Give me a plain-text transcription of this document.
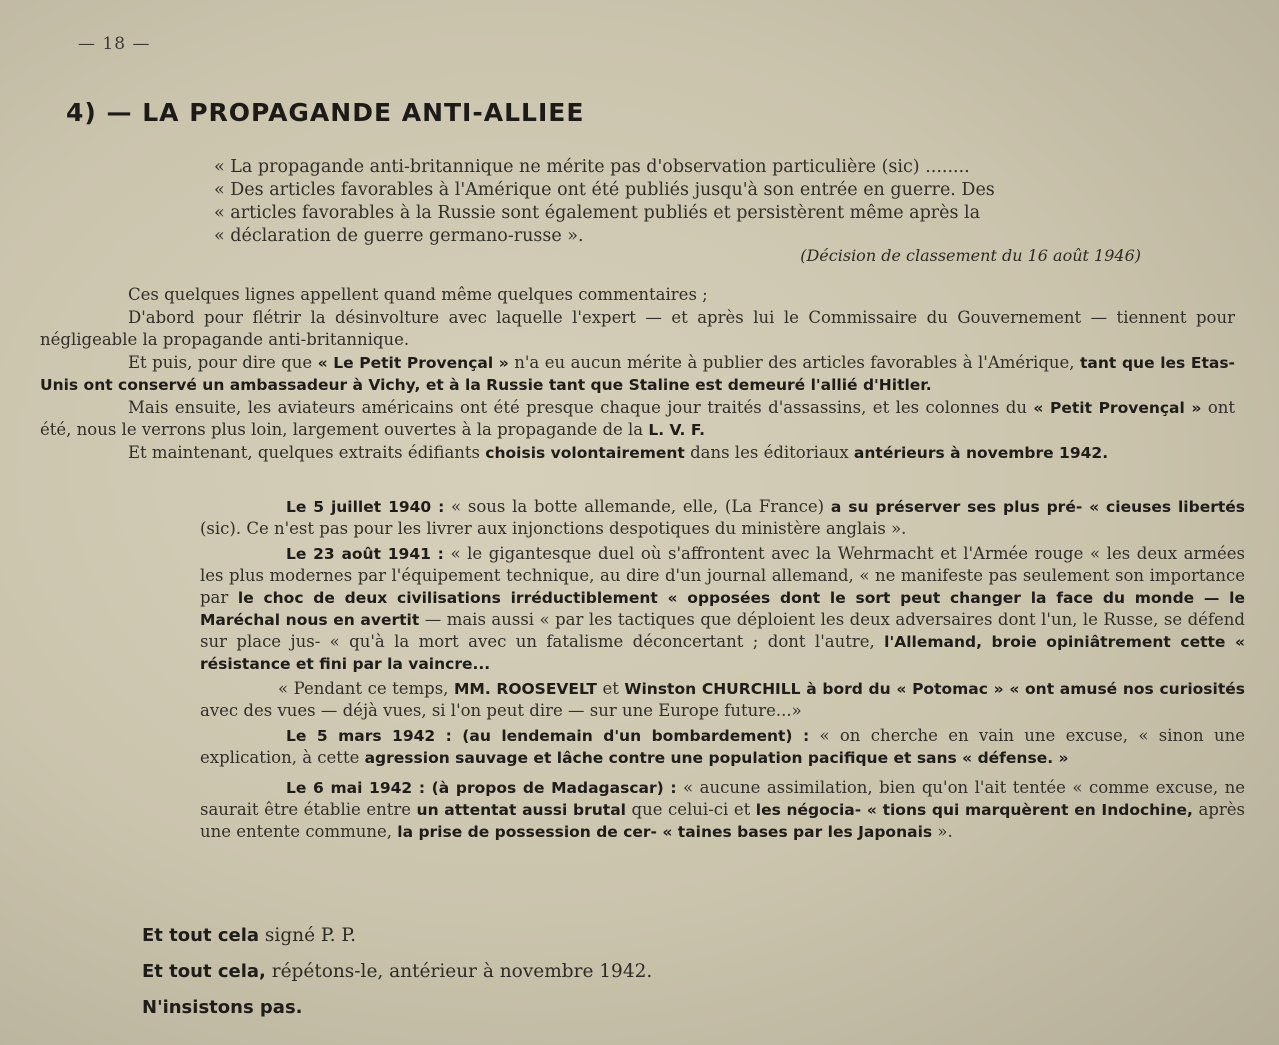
— 18 —
4) — LA PROPAGANDE ANTI-ALLIEE

« La propagande anti-britannique ne mérite pas d'observation particulière (sic) ........

« Des articles favorables à l'Amérique ont été publiés jusqu'à son entrée en guerre. Des

« articles favorables à la Russie sont également publiés et persistèrent même après la

« déclaration de guerre germano-russe ».

(Décision de classement du 16 août 1946)

Ces quelques lignes appellent quand même quelques commentaires ;

D'abord pour flétrir la désinvolture avec laquelle l'expert — et après lui le Commissaire du Gouvernement — tiennent pour négligeable la propagande anti-britannique.

Et puis, pour dire que « Le Petit Provençal » n'a eu aucun mérite à publier des articles favorables à l'Amérique, tant que les Etas-Unis ont conservé un ambassadeur à Vichy, et à la Russie tant que Staline est demeuré l'allié d'Hitler.

Mais ensuite, les aviateurs américains ont été presque chaque jour traités d'assassins, et les colonnes du « Petit Provençal » ont été, nous le verrons plus loin, largement ouvertes à la propagande de la L. V. F.

Et maintenant, quelques extraits édifiants choisis volontairement dans les éditoriaux antérieurs à novembre 1942.

Le 5 juillet 1940 : « sous la botte allemande, elle, (La France) a su préserver ses plus pré- « cieuses libertés (sic). Ce n'est pas pour les livrer aux injonctions despotiques du ministère anglais ».

Le 23 août 1941 : « le gigantesque duel où s'affrontent avec la Wehrmacht et l'Armée rouge « les deux armées les plus modernes par l'équipement technique, au dire d'un journal allemand, « ne manifeste pas seulement son importance par le choc de deux civilisations irréductiblement « opposées dont le sort peut changer la face du monde — le Maréchal nous en avertit — mais aussi « par les tactiques que déploient les deux adversaires dont l'un, le Russe, se défend sur place jus- « qu'à la mort avec un fatalisme déconcertant ; dont l'autre, l'Allemand, broie opiniâtrement cette « résistance et fini par la vaincre...

« Pendant ce temps, MM. ROOSEVELT et Winston CHURCHILL à bord du « Potomac » « ont amusé nos curiosités avec des vues — déjà vues, si l'on peut dire — sur une Europe future...»

Le 5 mars 1942 : (au lendemain d'un bombardement) : « on cherche en vain une excuse, « sinon une explication, à cette agression sauvage et lâche contre une population pacifique et sans « défense. »

Le 6 mai 1942 : (à propos de Madagascar) : « aucune assimilation, bien qu'on l'ait tentée « comme excuse, ne saurait être établie entre un attentat aussi brutal que celui-ci et les négocia- « tions qui marquèrent en Indochine, après une entente commune, la prise de possession de cer- « taines bases par les Japonais ».

Et tout cela signé P. P.

Et tout cela, répétons-le, antérieur à novembre 1942.

N'insistons pas.
